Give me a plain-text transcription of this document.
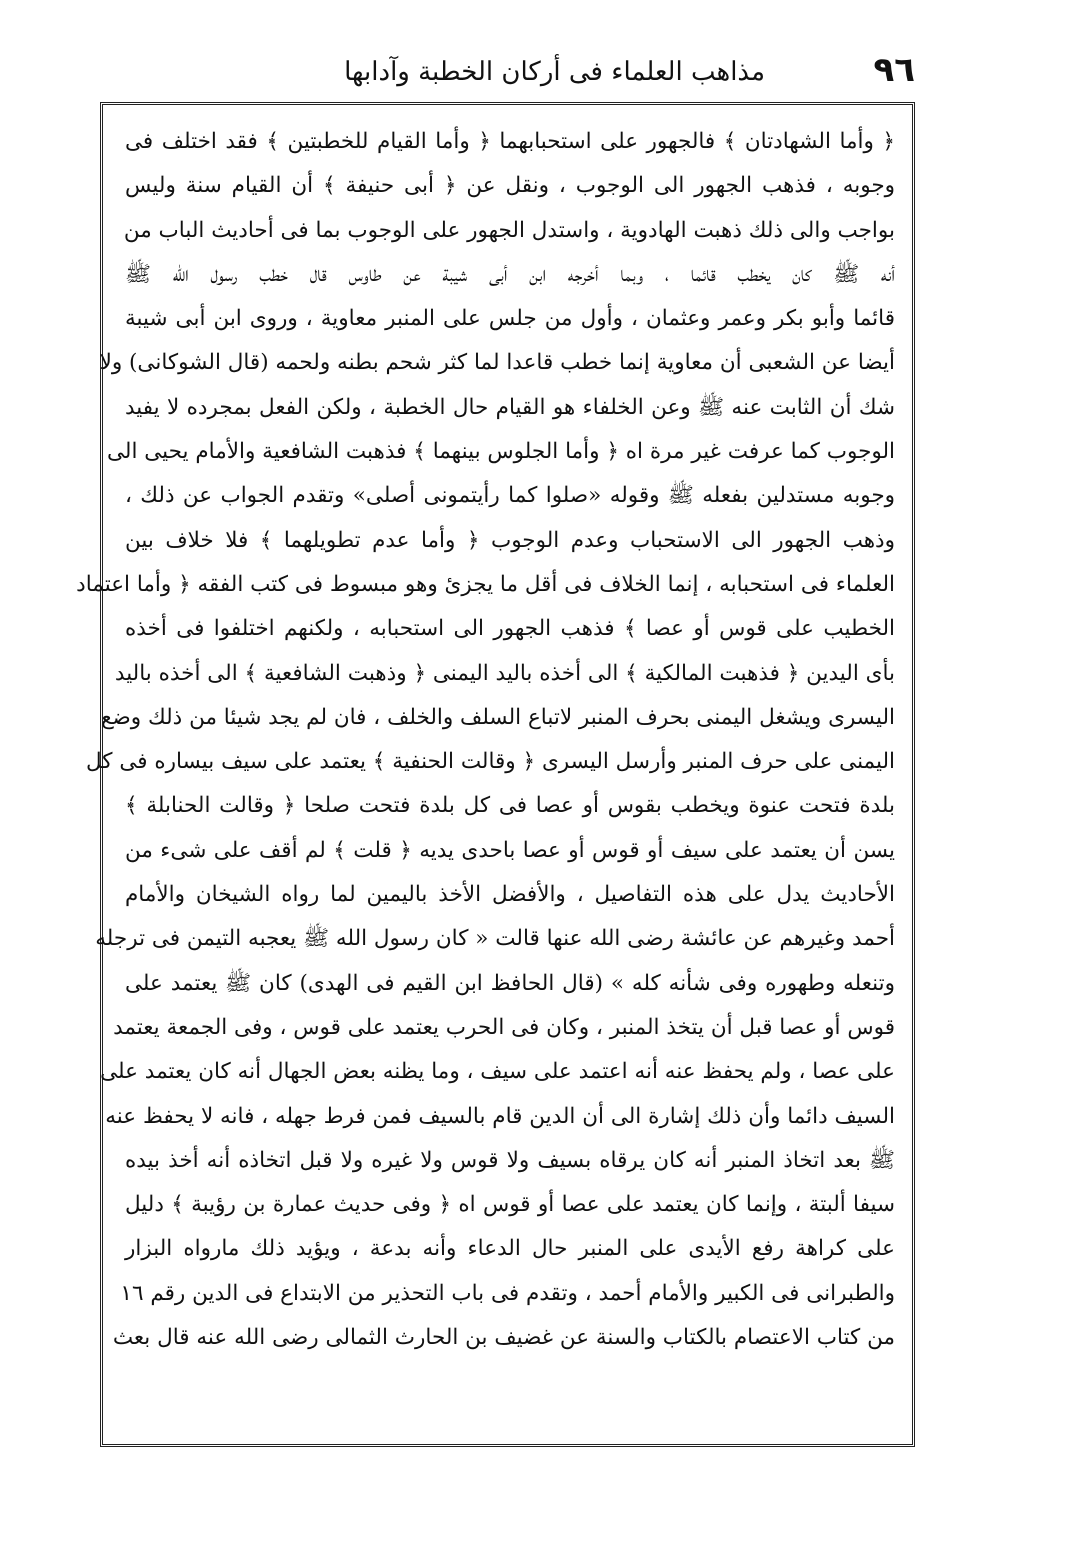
٩٦
مذاهب العلماء فى أركان الخطبة وآدابها
﴿ وأما الشهادتان ﴾ فالجهور على استحبابهما ﴿ وأما القيام للخطبتين ﴾ فقد اختلف فى
وجوبه ، فذهب الجهور الى الوجوب ، ونقل عن ﴿ أبى حنيفة ﴾ أن القيام سنة وليس
بواجب والى ذلك ذهبت الهادوية ، واستدل الجهور على الوجوب بما فى أحاديث الباب من
أنه ﷺ كان يخطب قائما ، وبما أخرجه ابن أبى شيبة عن طاوس قال خطب رسول الله ﷺ
قائما وأبو بكر وعمر وعثمان ، وأول من جلس على المنبر معاوية ، وروى ابن أبى شيبة
أيضا عن الشعبى أن معاوية إنما خطب قاعدا لما كثر شحم بطنه ولحمه (قال الشوكانى) ولا
شك أن الثابت عنه ﷺ وعن الخلفاء هو القيام حال الخطبة ، ولكن الفعل بمجرده لا يفيد
الوجوب كما عرفت غير مرة اه ﴿ وأما الجلوس بينهما ﴾ فذهبت الشافعية والأمام يحيى الى
وجوبه مستدلين بفعله ﷺ وقوله «صلوا كما رأيتمونى أصلى» وتقدم الجواب عن ذلك ،
وذهب الجهور الى الاستحباب وعدم الوجوب ﴿ وأما عدم تطويلهما ﴾ فلا خلاف بين
العلماء فى استحبابه ، إنما الخلاف فى أقل ما يجزئ وهو مبسوط فى كتب الفقه ﴿ وأما اعتماد
الخطيب على قوس أو عصا ﴾ فذهب الجهور الى استحبابه ، ولكنهم اختلفوا فى أخذه
بأى اليدين ﴿ فذهبت المالكية ﴾ الى أخذه باليد اليمنى ﴿ وذهبت الشافعية ﴾ الى أخذه باليد
اليسرى ويشغل اليمنى بحرف المنبر لاتباع السلف والخلف ، فان لم يجد شيئا من ذلك وضع
اليمنى على حرف المنبر وأرسل اليسرى ﴿ وقالت الحنفية ﴾ يعتمد على سيف بيساره فى كل
بلدة فتحت عنوة ويخطب بقوس أو عصا فى كل بلدة فتحت صلحا ﴿ وقالت الحنابلة ﴾
يسن أن يعتمد على سيف أو قوس أو عصا باحدى يديه ﴿ قلت ﴾ لم أقف على شىء من
الأحاديث يدل على هذه التفاصيل ، والأفضل الأخذ باليمين لما رواه الشيخان والأمام
أحمد وغيرهم عن عائشة رضى الله عنها قالت « كان رسول الله ﷺ يعجبه التيمن فى ترجله
وتنعله وطهوره وفى شأنه كله » (قال الحافظ ابن القيم فى الهدى) كان ﷺ يعتمد على
قوس أو عصا قبل أن يتخذ المنبر ، وكان فى الحرب يعتمد على قوس ، وفى الجمعة يعتمد
على عصا ، ولم يحفظ عنه أنه اعتمد على سيف ، وما يظنه بعض الجهال أنه كان يعتمد على
السيف دائما وأن ذلك إشارة الى أن الدين قام بالسيف فمن فرط جهله ، فانه لا يحفظ عنه
ﷺ بعد اتخاذ المنبر أنه كان يرقاه بسيف ولا قوس ولا غيره ولا قبل اتخاذه أنه أخذ بيده
سيفا ألبتة ، وإنما كان يعتمد على عصا أو قوس اه ﴿ وفى حديث عمارة بن رؤيبة ﴾ دليل
على كراهة رفع الأيدى على المنبر حال الدعاء وأنه بدعة ، ويؤيد ذلك مارواه البزار
والطبرانى فى الكبير والأمام أحمد ، وتقدم فى باب التحذير من الابتداع فى الدين رقم ١٦
من كتاب الاعتصام بالكتاب والسنة عن غضيف بن الحارث الثمالى رضى الله عنه قال بعث
